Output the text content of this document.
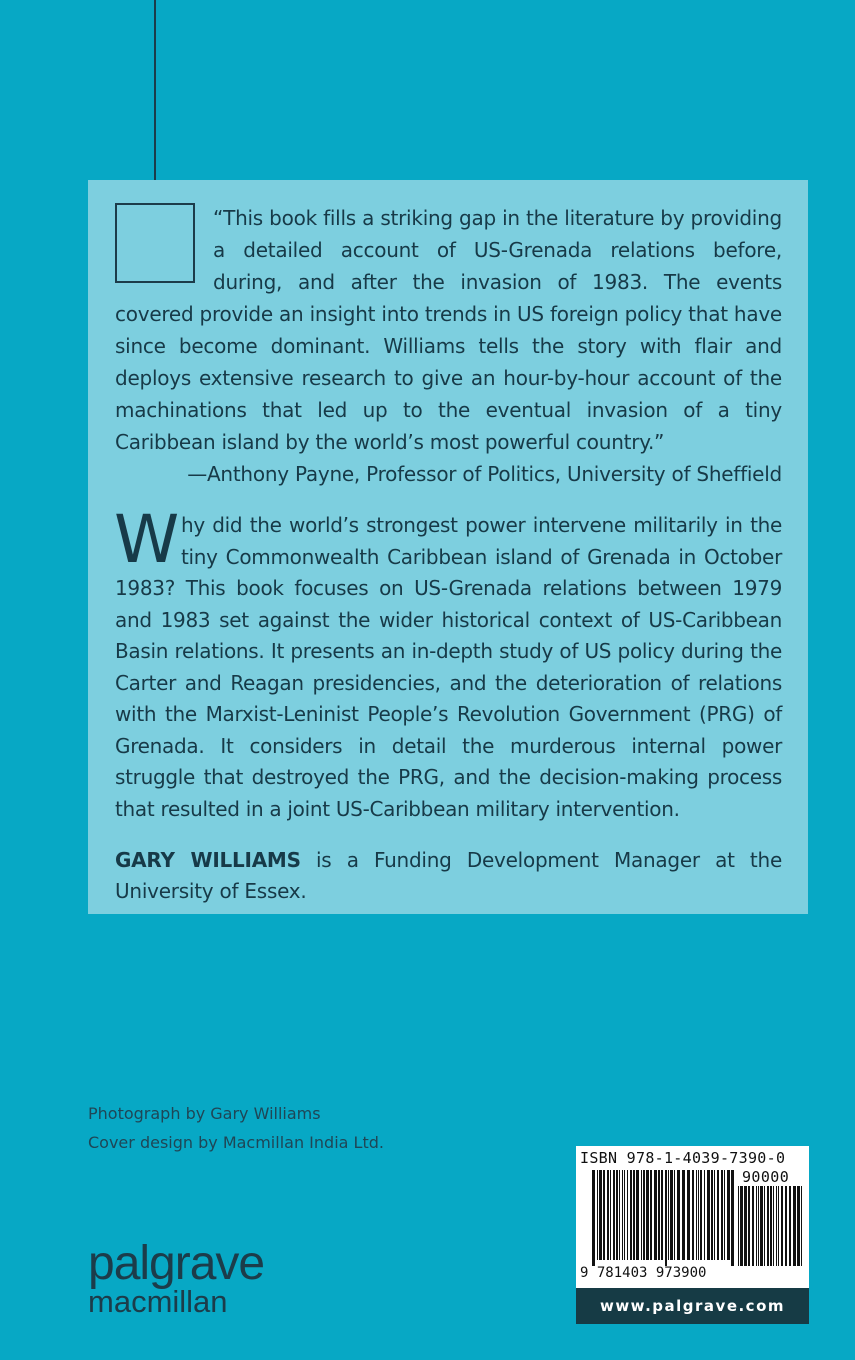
“This book fills a striking gap in the literature by providing a detailed account of US-Grenada relations before, during, and after the invasion of 1983. The events covered provide an insight into trends in US foreign policy that have since become dominant. Williams tells the story with flair and deploys extensive research to give an hour-by-hour account of the machinations that led up to the eventual invasion of a tiny Caribbean island by the world’s most powerful country.”

—Anthony Payne, Professor of Politics, University of Sheffield

Why did the world’s strongest power intervene militarily in the tiny Commonwealth Caribbean island of Grenada in October 1983? This book focuses on US-Grenada relations between 1979 and 1983 set against the wider historical context of US-Caribbean Basin relations. It presents an in-depth study of US policy during the Carter and Reagan presidencies, and the deterioration of relations with the Marxist-Leninist People’s Revolution Government (PRG) of Grenada. It considers in detail the murderous internal power struggle that destroyed the PRG, and the decision-making process that resulted in a joint US-Caribbean military intervention.

GARY WILLIAMS is a Funding Development Manager at the University of Essex.

Photograph by Gary Williams
Cover design by Macmillan India Ltd.
palgrave
macmillan
ISBN 978-1-4039-7390-0
90000
9 781403 973900
www.palgrave.com
